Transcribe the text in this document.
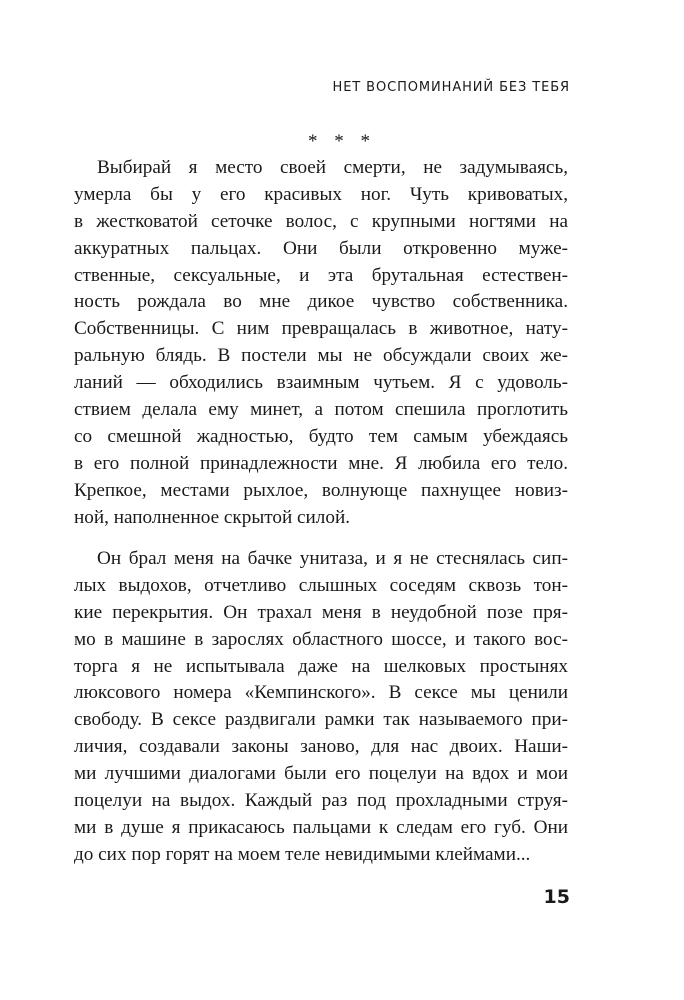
НЕТ ВОСПОМИНАНИЙ БЕЗ ТЕБЯ
* * *
Выбирай я место своей смерти, не задумываясь,
умерла бы у его красивых ног. Чуть кривоватых,
в жестковатой сеточке волос, с крупными ногтями на
аккуратных пальцах. Они были откровенно муже-
ственные, сексуальные, и эта брутальная естествен-
ность рождала во мне дикое чувство собственника.
Собственницы. С ним превращалась в животное, нату-
ральную блядь. В постели мы не обсуждали своих же-
ланий — обходились взаимным чутьем. Я с удоволь-
ствием делала ему минет, а потом спешила проглотить
со смешной жадностью, будто тем самым убеждаясь
в его полной принадлежности мне. Я любила его тело.
Крепкое, местами рыхлое, волнующе пахнущее новиз-
ной, наполненное скрытой силой.
Он брал меня на бачке унитаза, и я не стеснялась сип-
лых выдохов, отчетливо слышных соседям сквозь тон-
кие перекрытия. Он трахал меня в неудобной позе пря-
мо в машине в зарослях областного шоссе, и такого вос-
торга я не испытывала даже на шелковых простынях
люксового номера «Кемпинского». В сексе мы ценили
свободу. В сексе раздвигали рамки так называемого при-
личия, создавали законы заново, для нас двоих. Наши-
ми лучшими диалогами были его поцелуи на вдох и мои
поцелуи на выдох. Каждый раз под прохладными струя-
ми в душе я прикасаюсь пальцами к следам его губ. Они
до сих пор горят на моем теле невидимыми клеймами...
15
